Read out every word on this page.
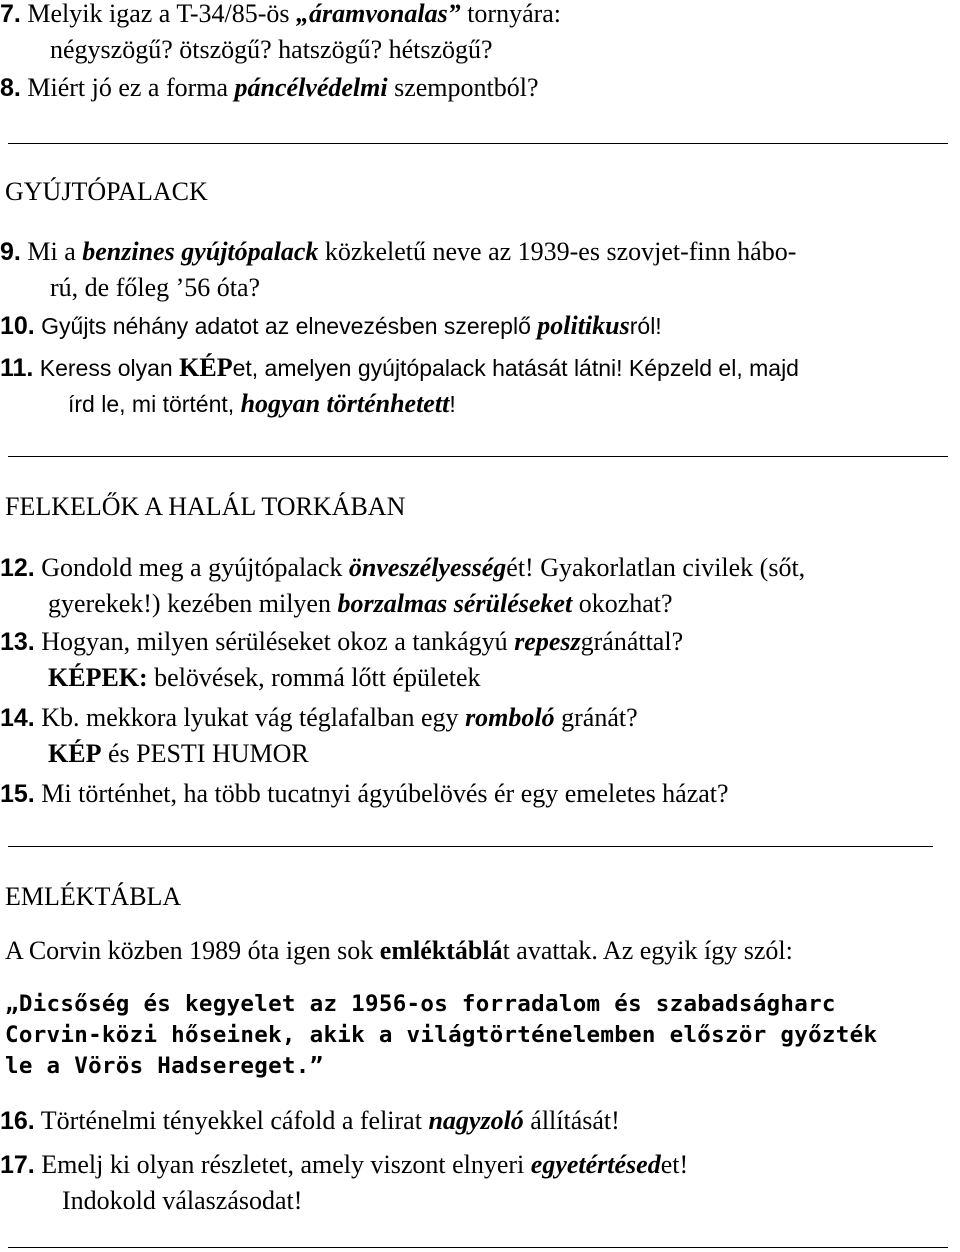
7. Melyik igaz a T-34/85-ös „áramvonalas” tornyára:
négyszögű? ötszögű? hatszögű? hétszögű?
8. Miért jó ez a forma páncélvédelmi szempontból?
GYÚJTÓPALACK
9. Mi a benzines gyújtópalack közkeletű neve az 1939-es szovjet-finn hábo-
rú, de főleg ’56 óta?
10. Gyűjts néhány adatot az elnevezésben szereplő politikusról!
11. Keress olyan KÉPet, amelyen gyújtópalack hatását látni! Képzeld el, majd
írd le, mi történt, hogyan történhetett!
FELKELŐK A HALÁL TORKÁBAN
12. Gondold meg a gyújtópalack önveszélyességét! Gyakorlatlan civilek (sőt,
gyerekek!) kezében milyen borzalmas sérüléseket okozhat?
13. Hogyan, milyen sérüléseket okoz a tankágyú repeszgránáttal?
KÉPEK: belövések, rommá lőtt épületek
14. Kb. mekkora lyukat vág téglafalban egy romboló gránát?
KÉP és PESTI HUMOR
15. Mi történhet, ha több tucatnyi ágyúbelövés ér egy emeletes házat?
EMLÉKTÁBLA
A Corvin közben 1989 óta igen sok emléktáblát avattak. Az egyik így szól:
„Dicsőség és kegyelet az 1956-os forradalom és szabadságharc
Corvin-közi hőseinek, akik a világtörténelemben először győzték
le a Vörös Hadsereget.”
16. Történelmi tényekkel cáfold a felirat nagyzoló állítását!
17. Emelj ki olyan részletet, amely viszont elnyeri egyetértésedet!
Indokold válaszásodat!
